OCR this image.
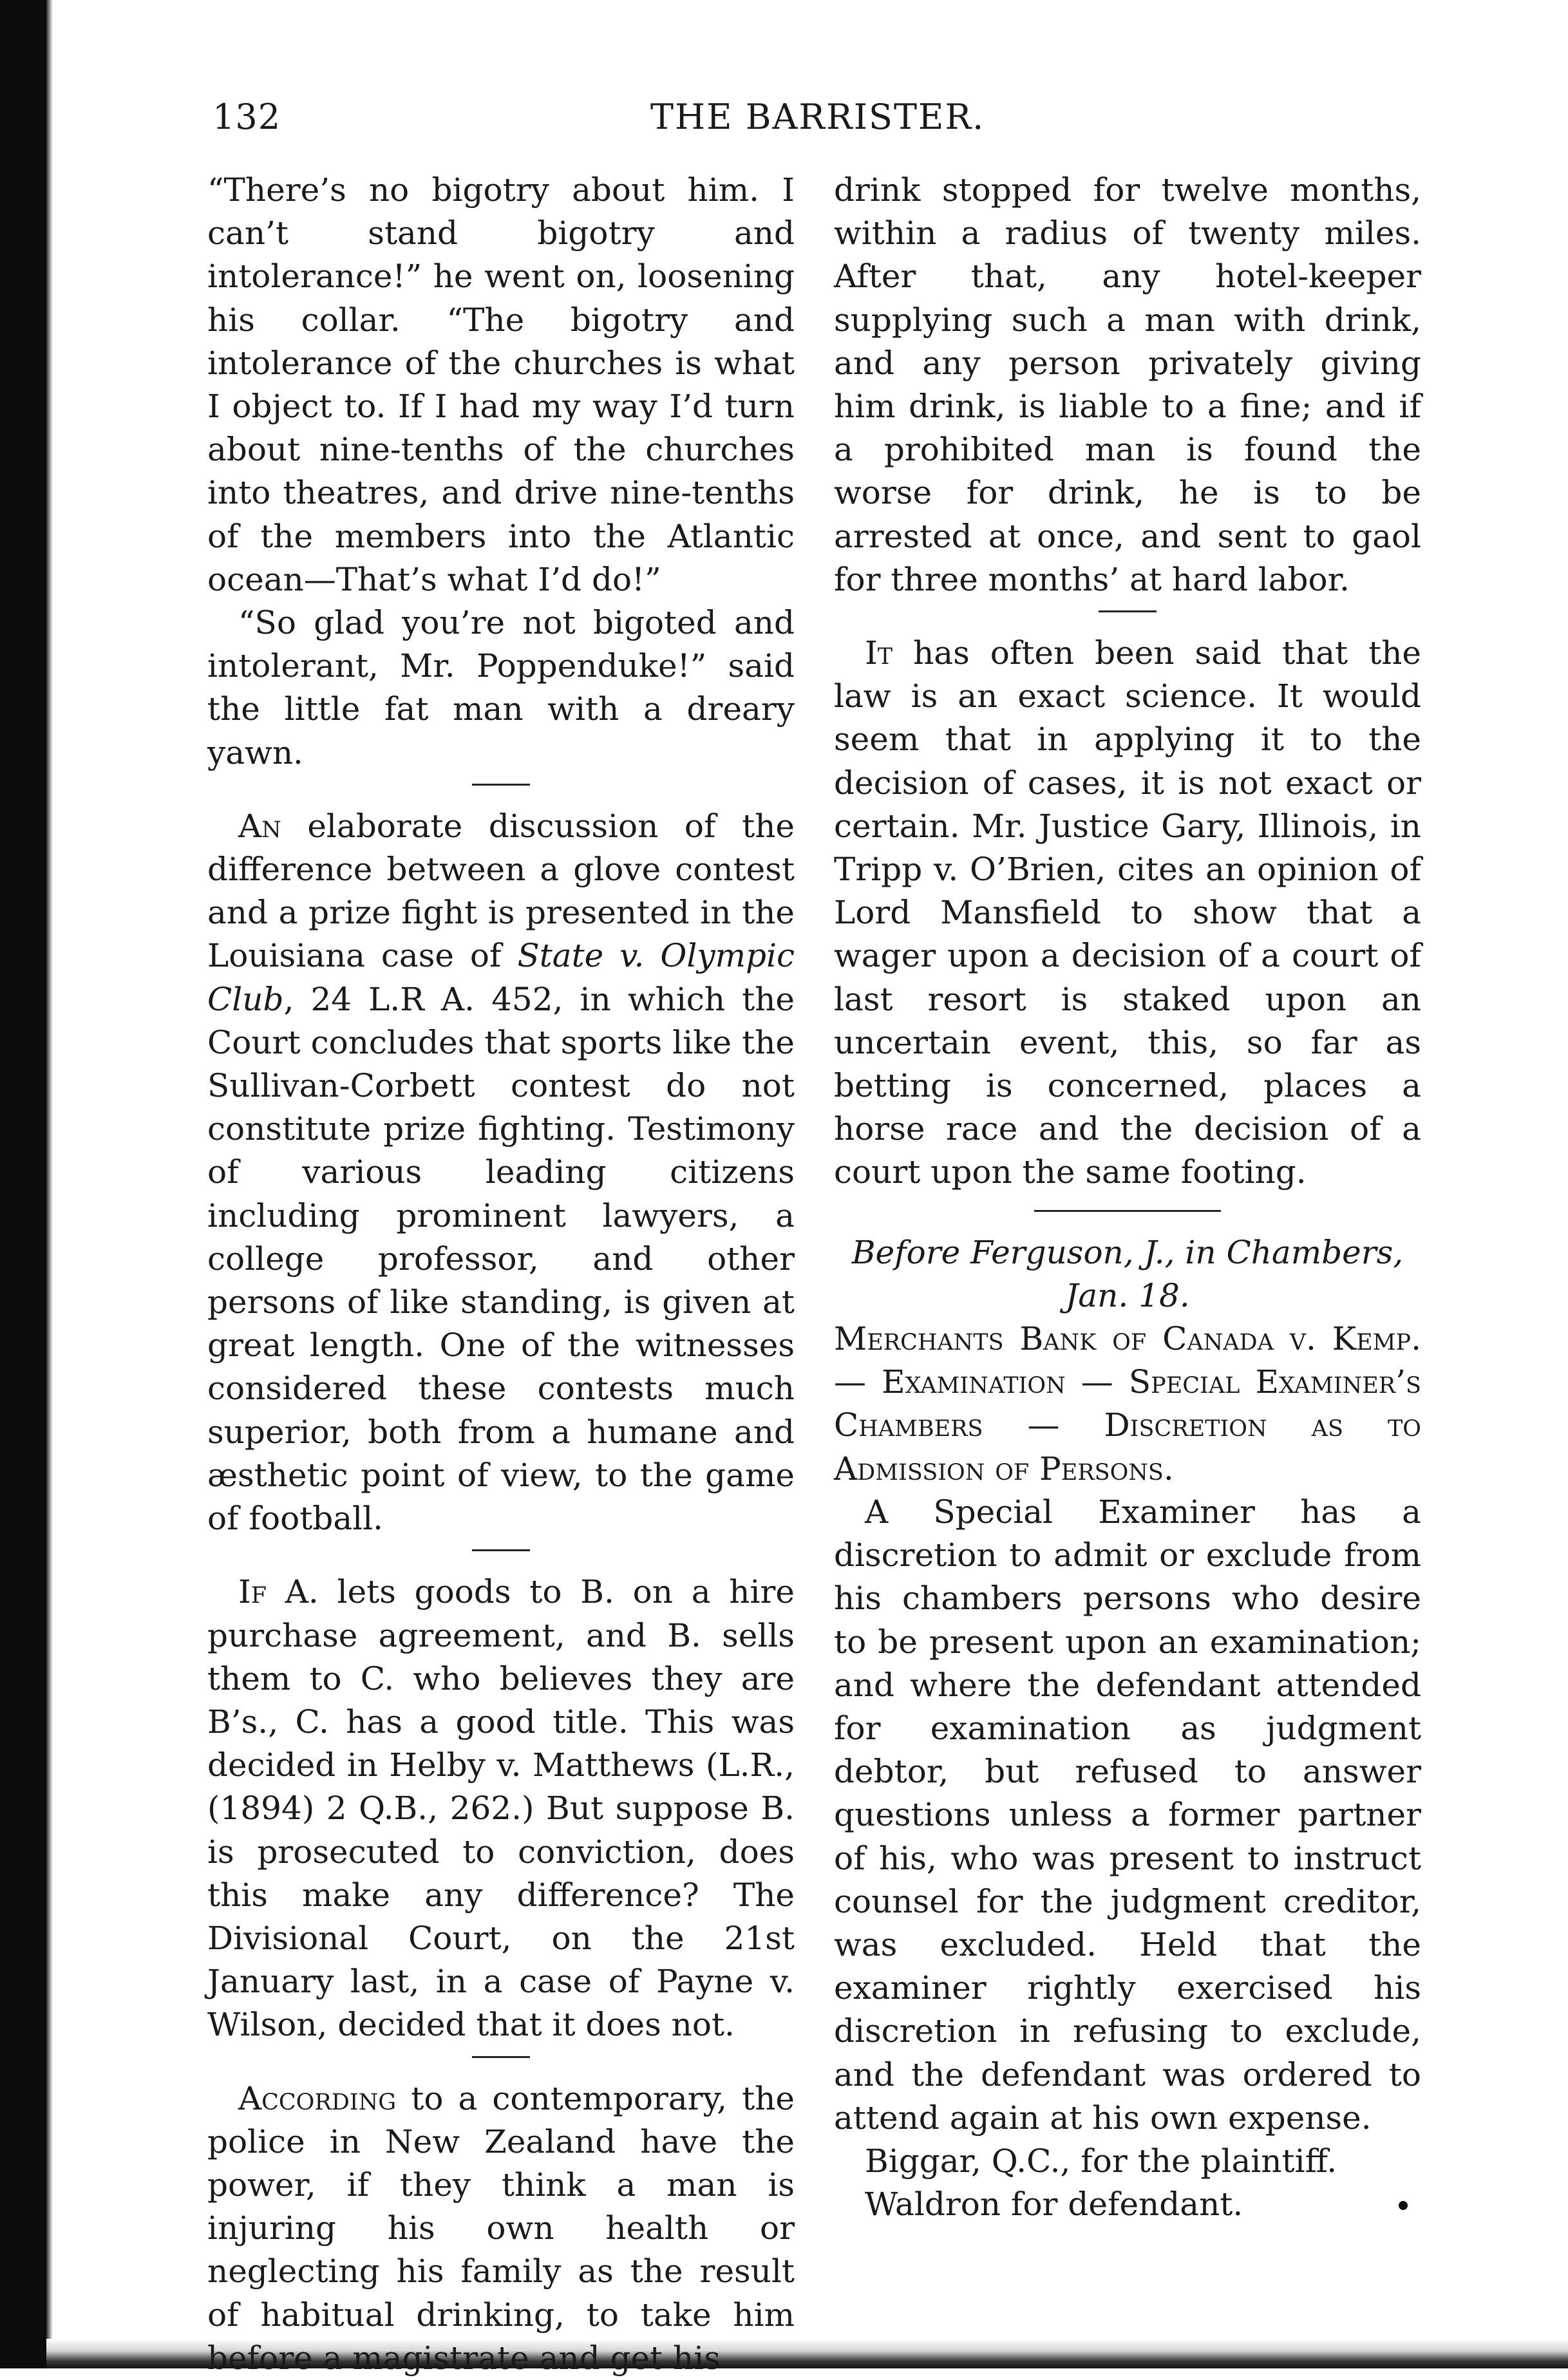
132	THE BARRISTER.

“There’s no bigotry about him. I can’t stand bigotry and intolerance!” he went on, loosening his collar. “The bigotry and intolerance of the churches is what I object to. If I had my way I’d turn about nine-tenths of the churches into theatres, and drive nine-tenths of the members into the Atlantic ocean—That’s what I’d do!”

“So glad you’re not bigoted and intolerant, Mr. Poppenduke!” said the little fat man with a dreary yawn.

An elaborate discussion of the difference between a glove contest and a prize fight is presented in the Louisiana case of State v. Olympic Club, 24 L.R A. 452, in which the Court concludes that sports like the Sullivan-Corbett contest do not constitute prize fighting. Testimony of various leading citizens including prominent lawyers, a college professor, and other persons of like standing, is given at great length. One of the witnesses considered these contests much superior, both from a humane and æsthetic point of view, to the game of football.

If A. lets goods to B. on a hire purchase agreement, and B. sells them to C. who believes they are B’s., C. has a good title. This was decided in Helby v. Matthews (L.R., (1894) 2 Q.B., 262.) But suppose B. is prosecuted to conviction, does this make any difference? The Divisional Court, on the 21st January last, in a case of Payne v. Wilson, decided that it does not.

According to a contemporary, the police in New Zealand have the power, if they think a man is injuring his own health or neglecting his family as the result of habitual drinking, to take him before a magistrate and get his

drink stopped for twelve months, within a radius of twenty miles. After that, any hotel-keeper supplying such a man with drink, and any person privately giving him drink, is liable to a fine; and if a prohibited man is found the worse for drink, he is to be arrested at once, and sent to gaol for three months’ at hard labor.

It has often been said that the law is an exact science. It would seem that in applying it to the decision of cases, it is not exact or certain. Mr. Justice Gary, Illinois, in Tripp v. O’Brien, cites an opinion of Lord Mansfield to show that a wager upon a decision of a court of last resort is staked upon an uncertain event, this, so far as betting is concerned, places a horse race and the decision of a court upon the same footing.

Before Ferguson, J., in Chambers,
Jan. 18.

Merchants Bank of Canada v. Kemp. — Examination — Special Examiner’s Chambers — Discretion as to Admission of Persons.

A Special Examiner has a discretion to admit or exclude from his chambers persons who desire to be present upon an examination; and where the defendant attended for examination as judgment debtor, but refused to answer questions unless a former partner of his, who was present to instruct counsel for the judgment creditor, was excluded. Held that the examiner rightly exercised his discretion in refusing to exclude, and the defendant was ordered to attend again at his own expense.

Biggar, Q.C., for the plaintiff.

Waldron for defendant.
